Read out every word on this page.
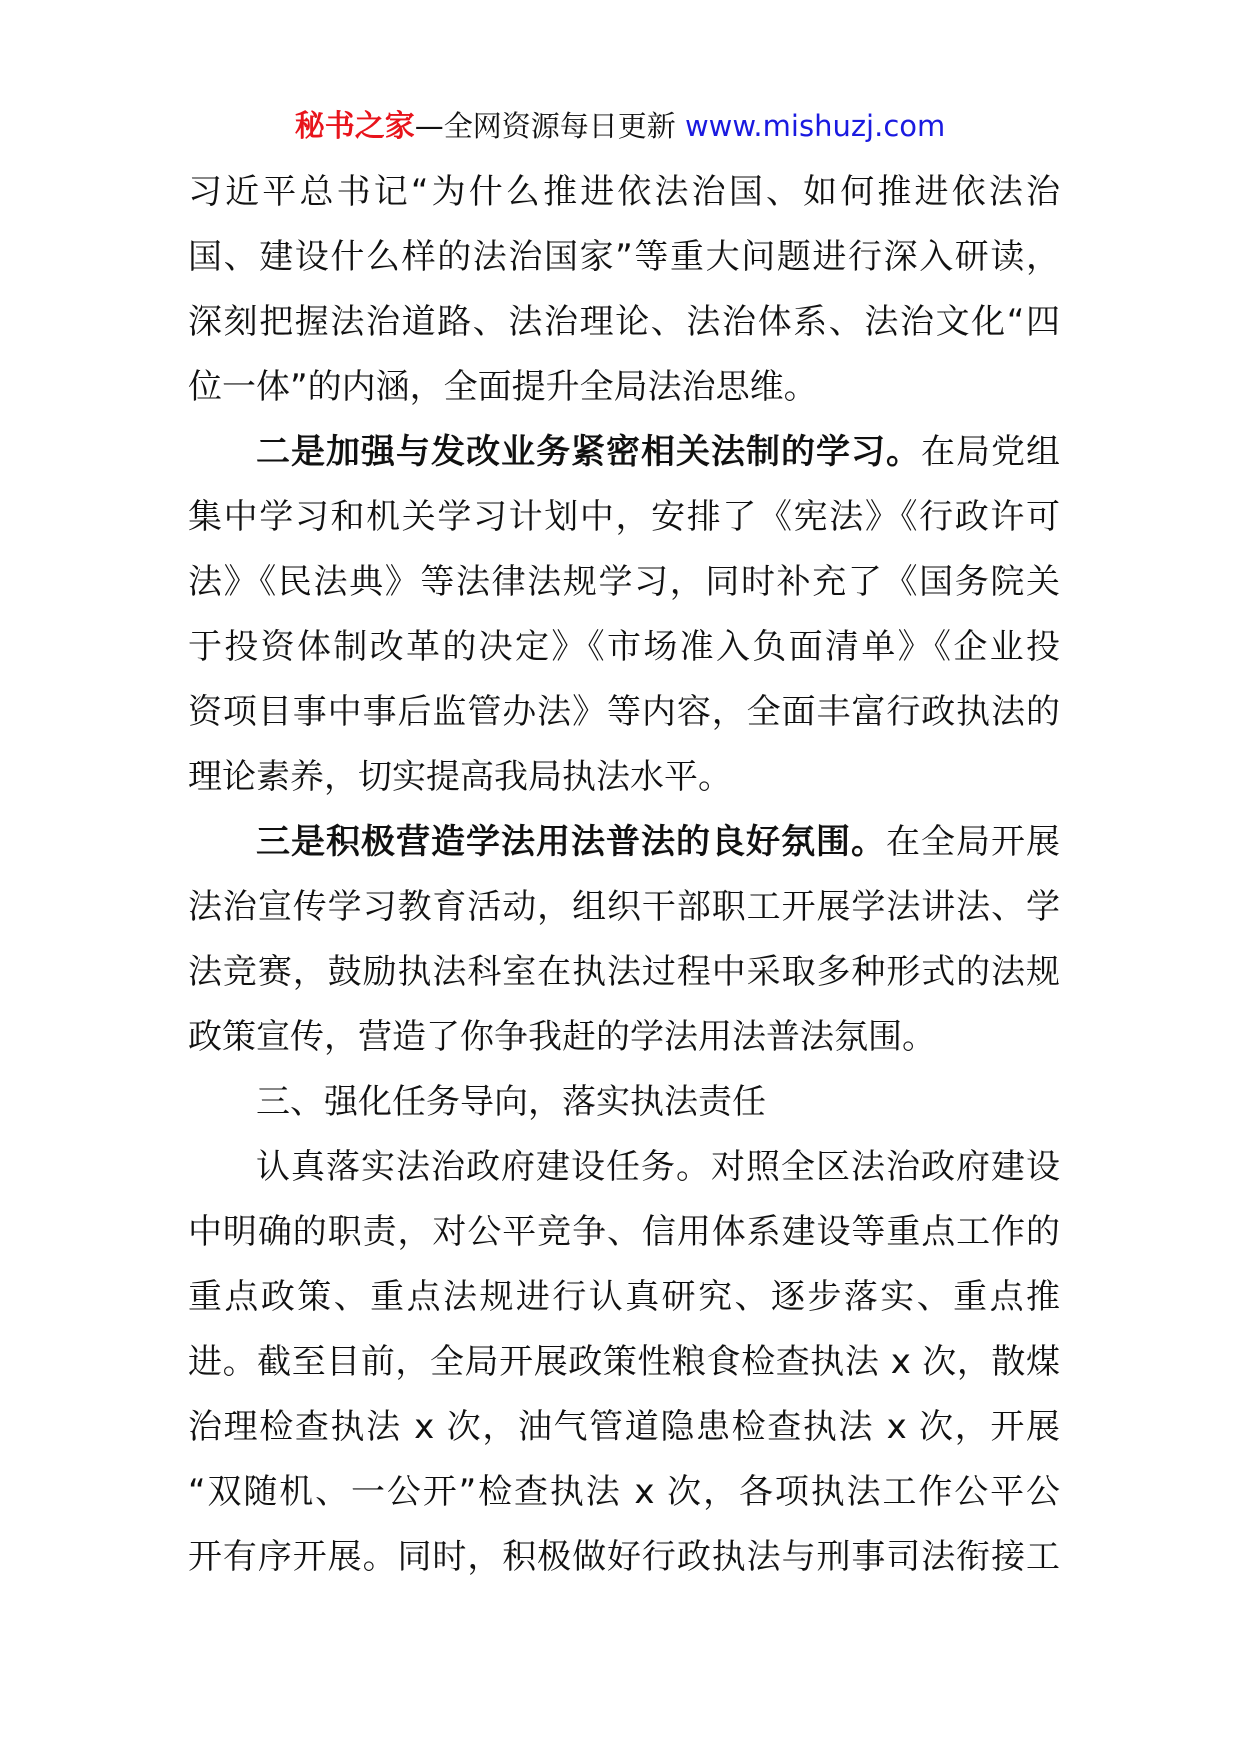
秘书之家—全网资源每日更新 www.mishuzj.com
习近平总书记“为什么推进依法治国、如何推进依法治
国、建设什么样的法治国家”等重大问题进行深入研读，
深刻把握法治道路、法治理论、法治体系、法治文化“四
位一体”的内涵，全面提升全局法治思维。
二是加强与发改业务紧密相关法制的学习。在局党组
集中学习和机关学习计划中，安排了《宪法》《行政许可
法》《民法典》等法律法规学习，同时补充了《国务院关
于投资体制改革的决定》《市场准入负面清单》《企业投
资项目事中事后监管办法》等内容，全面丰富行政执法的
理论素养，切实提高我局执法水平。
三是积极营造学法用法普法的良好氛围。在全局开展
法治宣传学习教育活动，组织干部职工开展学法讲法、学
法竞赛，鼓励执法科室在执法过程中采取多种形式的法规
政策宣传，营造了你争我赶的学法用法普法氛围。
三、强化任务导向，落实执法责任
认真落实法治政府建设任务。对照全区法治政府建设
中明确的职责，对公平竞争、信用体系建设等重点工作的
重点政策、重点法规进行认真研究、逐步落实、重点推
进。截至目前，全局开展政策性粮食检查执法 x 次，散煤
治理检查执法 x 次，油气管道隐患检查执法 x 次，开展
“双随机、一公开”检查执法 x 次，各项执法工作公平公
开有序开展。同时，积极做好行政执法与刑事司法衔接工
